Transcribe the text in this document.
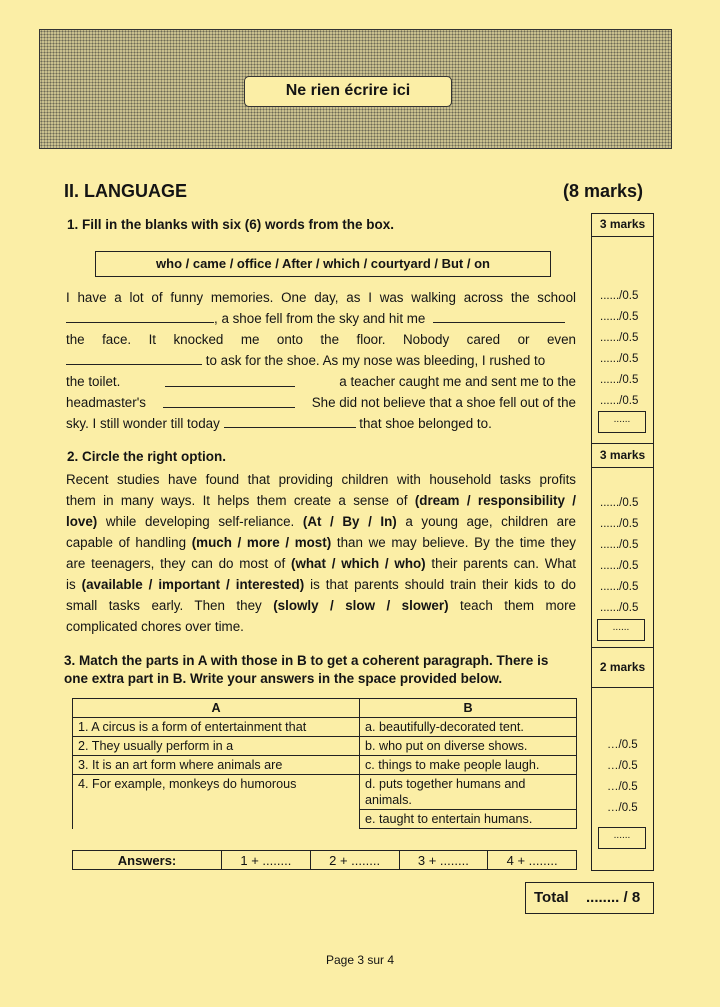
Ne rien écrire ici
II. LANGUAGE	(8 marks)
3 marks
3 marks
2 marks
....../0.5
....../0.5
....../0.5
....../0.5
....../0.5
....../0.5
......
....../0.5
....../0.5
....../0.5
....../0.5
....../0.5
....../0.5
......
…/0.5
…/0.5
…/0.5
…/0.5
......
1. Fill in the blanks with six (6) words from the box.
who / came / office / After / which / courtyard / But / on
I have a lot of funny memories. One day, as I was walking across the school
, a shoe fell from the sky and hit me
the face. It knocked me onto the floor. Nobody cared or even
to ask for the shoe. As my nose was bleeding, I rushed to
the toilet.	a teacher caught me and sent me to the
headmaster's	She did not believe that a shoe fell out of the
sky. I still wonder till today	that shoe belonged to.
2. Circle the right option.
Recent studies have found that providing children with household tasks profits
them in many ways. It helps them create a sense of (dream / responsibility /
love) while developing self-reliance. (At / By / In) a young age, children are
capable of handling (much / more / most) than we may believe. By the time they
are teenagers, they can do most of (what / which / who) their parents can. What
is (available / important / interested) is that parents should train their kids to do
small tasks early. Then they (slowly / slow / slower) teach them more
complicated chores over time.
3. Match the parts in A with those in B to get a coherent paragraph. There is
one extra part in B. Write your answers in the space provided below.
A	B
1. A circus is a form of entertainment that	a. beautifully-decorated tent.
2. They usually perform in a	b. who put on diverse shows.
3. It is an art form where animals are	c. things to make people laugh.
4. For example, monkeys do humorous	d. puts together humans and animals.
	e. taught to entertain humans.
Answers:	1 + ........	2 + ........	3 + ........	4 + ........
Total ........ / 8
Page 3 sur 4
